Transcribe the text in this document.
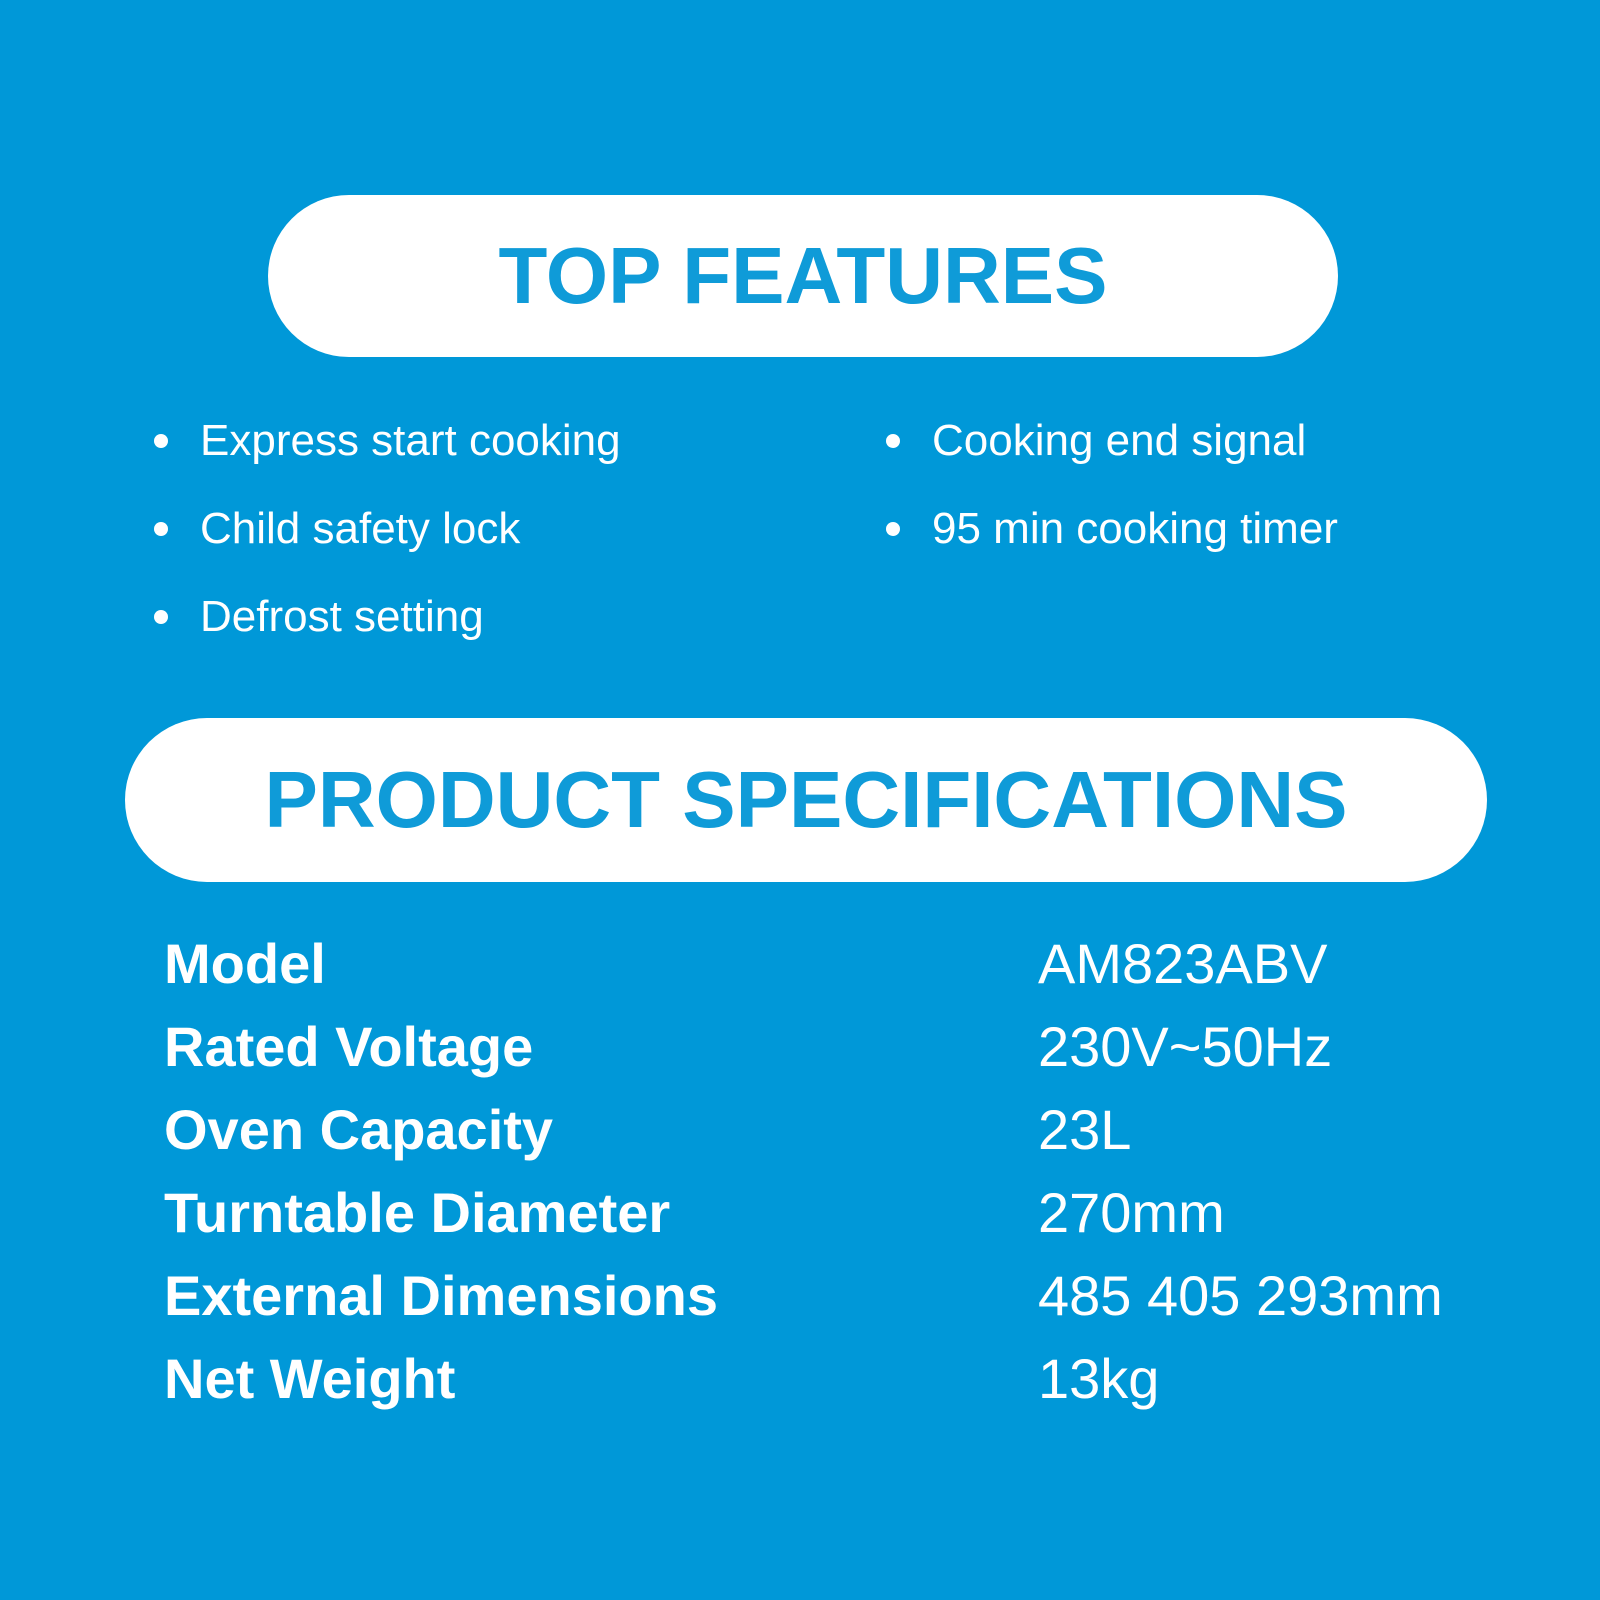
TOP FEATURES
Express start cooking
Child safety lock
Defrost setting
Cooking end signal
95 min cooking timer
PRODUCT SPECIFICATIONS
Model	AM823ABV
Rated Voltage	230V~50Hz
Oven Capacity	23L
Turntable Diameter	270mm
External Dimensions	485 405 293mm
Net Weight	13kg
